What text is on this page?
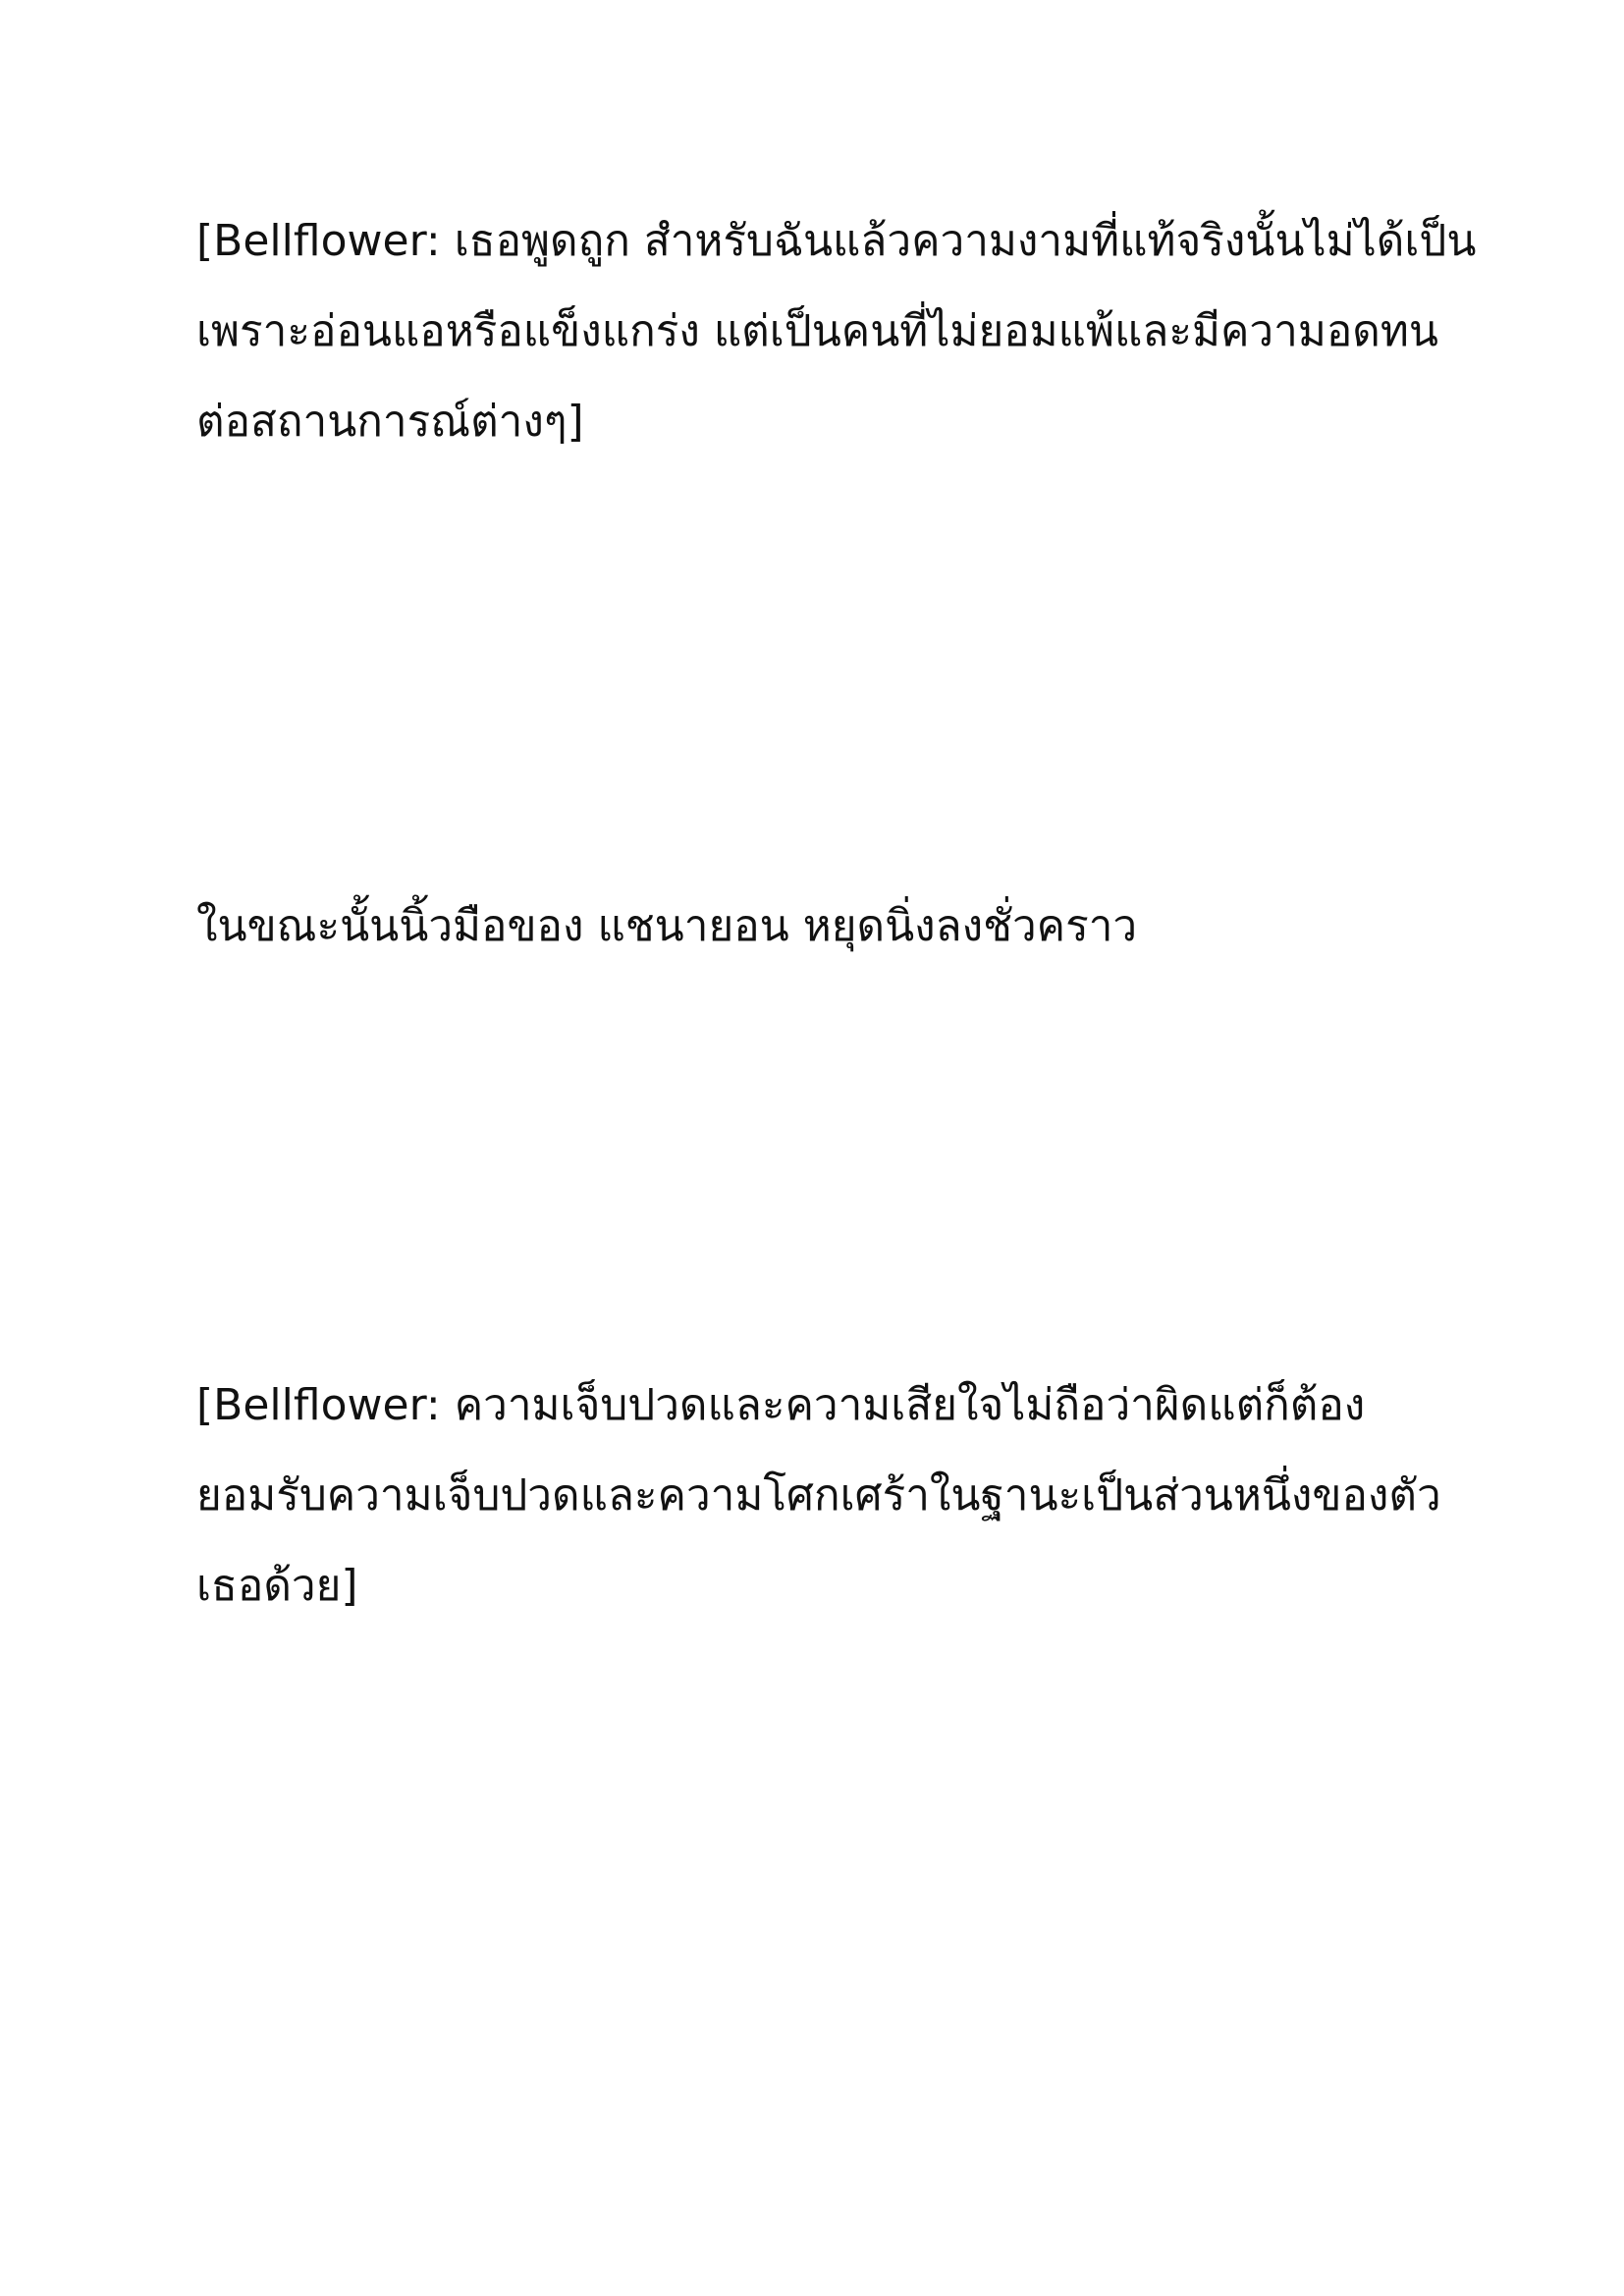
[Bellflower: เธอพูดถูก สำหรับฉันแล้วความงามที่แท้จริงนั้นไม่ได้เป็น
เพราะอ่อนแอหรือแข็งแกร่ง แต่เป็นคนที่ไม่ยอมแพ้และมีความอดทน
ต่อสถานการณ์ต่างๆ]
ในขณะนั้นนิ้วมือของ แชนายอน หยุดนิ่งลงชั่วคราว
[Bellflower: ความเจ็บปวดและความเสียใจไม่ถือว่าผิดแต่ก็ต้อง
ยอมรับความเจ็บปวดและความโศกเศร้าในฐานะเป็นส่วนหนึ่งของตัว
เธอด้วย]
